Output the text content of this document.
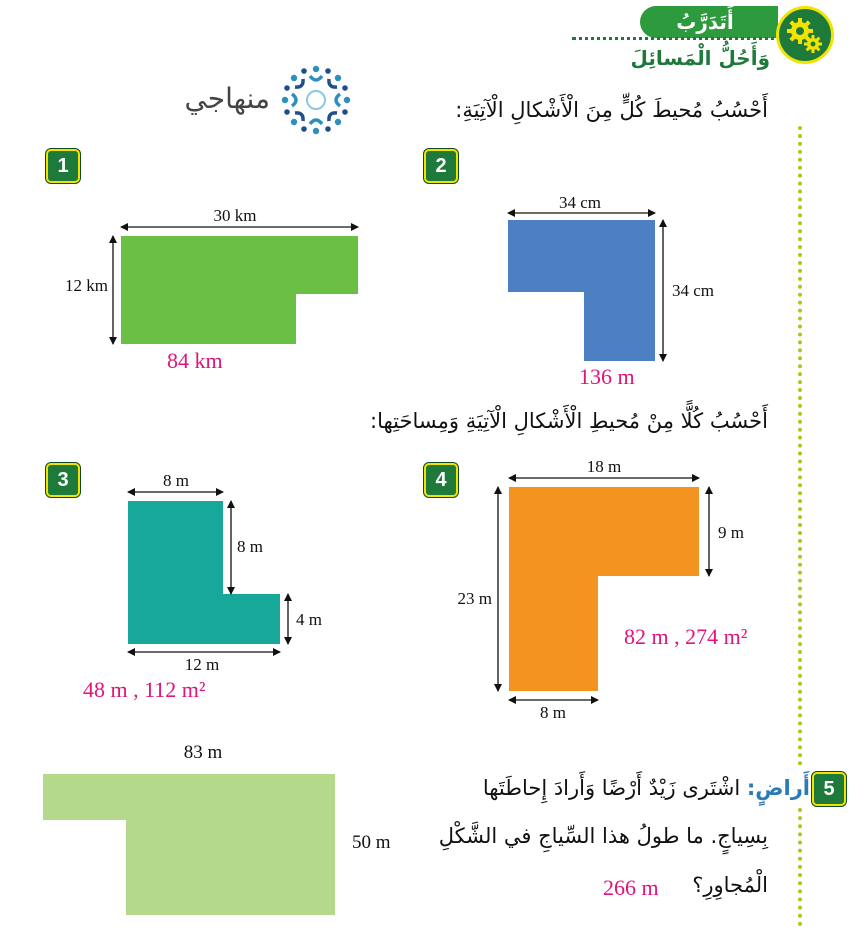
أَتَدَرَّبُ
وَأَحُلُّ الْمَسائِلَ
منهاجي	أَحْسُبُ مُحيطَ كُلٍّ مِنَ الْأَشْكالِ الْآتِيَةِ:
1	2
3	4
5
30 km
12 km
84 km
34 cm
34 cm
136 m
أَحْسُبُ كُلًّا مِنْ مُحيطِ الْأَشْكالِ الْآتِيَةِ وَمِساحَتِها:
8 m
8 m
4 m
12 m
48 m , 112 m²
18 m
9 m
23 m
8 m
82 m , 274 m²
83 m
50 m
أَراضٍ: اشْتَرى زَيْدٌ أَرْضًا وَأَرادَ إِحاطَتَها
بِسِياجٍ. ما طولُ هذا السِّياجِ في الشَّكْلِ
الْمُجاوِرِ؟
266 m
